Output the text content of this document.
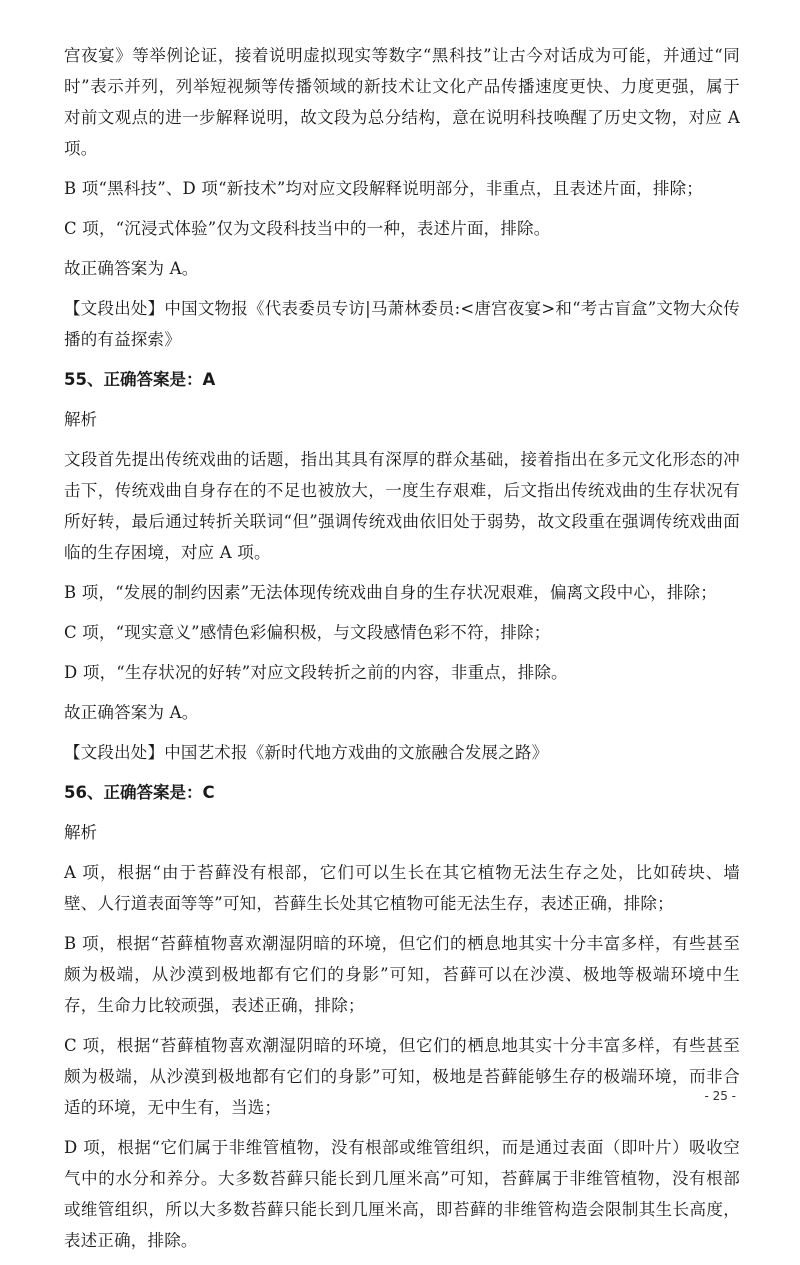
宫夜宴》等举例论证，接着说明虚拟现实等数字“黑科技”让古今对话成为可能，并通过“同时”表示并列，列举短视频等传播领域的新技术让文化产品传播速度更快、力度更强，属于对前文观点的进一步解释说明，故文段为总分结构，意在说明科技唤醒了历史文物，对应 A 项。

B 项“黑科技”、D 项“新技术”均对应文段解释说明部分，非重点，且表述片面，排除；

C 项，“沉浸式体验”仅为文段科技当中的一种，表述片面，排除。

故正确答案为 A。

【文段出处】中国文物报《代表委员专访|马萧林委员:<唐宫夜宴>和“考古盲盒”文物大众传播的有益探索》

55、正确答案是：A

解析

文段首先提出传统戏曲的话题，指出其具有深厚的群众基础，接着指出在多元文化形态的冲击下，传统戏曲自身存在的不足也被放大，一度生存艰难，后文指出传统戏曲的生存状况有所好转，最后通过转折关联词“但”强调传统戏曲依旧处于弱势，故文段重在强调传统戏曲面临的生存困境，对应 A 项。

B 项，“发展的制约因素”无法体现传统戏曲自身的生存状况艰难，偏离文段中心，排除；

C 项，“现实意义”感情色彩偏积极，与文段感情色彩不符，排除；

D 项，“生存状况的好转”对应文段转折之前的内容，非重点，排除。

故正确答案为 A。

【文段出处】中国艺术报《新时代地方戏曲的文旅融合发展之路》

56、正确答案是：C

解析

A 项，根据“由于苔藓没有根部，它们可以生长在其它植物无法生存之处，比如砖块、墙壁、人行道表面等等”可知，苔藓生长处其它植物可能无法生存，表述正确，排除；

B 项，根据“苔藓植物喜欢潮湿阴暗的环境，但它们的栖息地其实十分丰富多样，有些甚至颇为极端，从沙漠到极地都有它们的身影”可知，苔藓可以在沙漠、极地等极端环境中生存，生命力比较顽强，表述正确，排除；

C 项，根据“苔藓植物喜欢潮湿阴暗的环境，但它们的栖息地其实十分丰富多样，有些甚至颇为极端，从沙漠到极地都有它们的身影”可知，极地是苔藓能够生存的极端环境，而非合适的环境，无中生有，当选；

D 项，根据“它们属于非维管植物，没有根部或维管组织，而是通过表面（即叶片）吸收空气中的水分和养分。大多数苔藓只能长到几厘米高”可知，苔藓属于非维管植物，没有根部或维管组织，所以大多数苔藓只能长到几厘米高，即苔藓的非维管构造会限制其生长高度，表述正确，排除。

- 25 -
